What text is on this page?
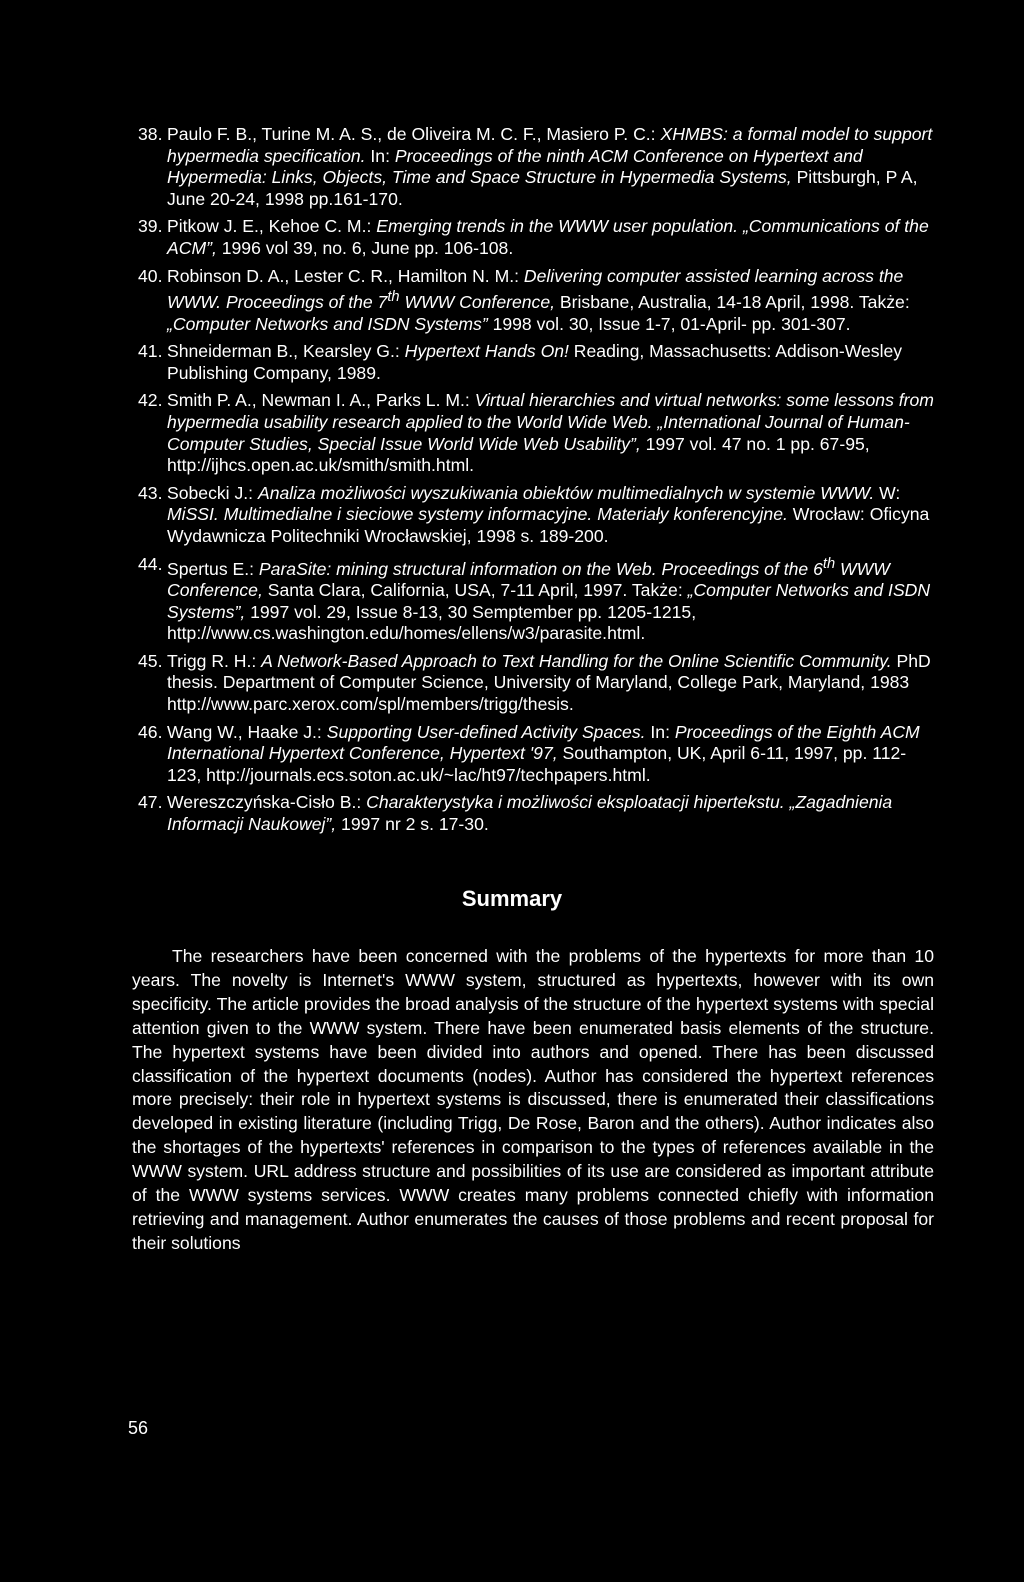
38. Paulo F. B., Turine M. A. S., de Oliveira M. C. F., Masiero P. C.: XHMBS: a formal model to support hypermedia specification. In: Proceedings of the ninth ACM Conference on Hypertext and Hypermedia: Links, Objects, Time and Space Structure in Hypermedia Systems, Pittsburgh, P A, June 20-24, 1998 pp.161-170.
39. Pitkow J. E., Kehoe C. M.: Emerging trends in the WWW user population. „Communications of the ACM”, 1996 vol 39, no. 6, June pp. 106-108.
40. Robinson D. A., Lester C. R., Hamilton N. M.: Delivering computer assisted learning across the WWW. Proceedings of the 7th WWW Conference, Brisbane, Australia, 14-18 April, 1998. Także: „Computer Networks and ISDN Systems” 1998 vol. 30, Issue 1-7, 01-April- pp. 301-307.
41. Shneiderman B., Kearsley G.: Hypertext Hands On! Reading, Massachusetts: Addison-Wesley Publishing Company, 1989.
42. Smith P. A., Newman I. A., Parks L. M.: Virtual hierarchies and virtual networks: some lessons from hypermedia usability research applied to the World Wide Web. „International Journal of Human-Computer Studies, Special Issue World Wide Web Usability”, 1997 vol. 47 no. 1 pp. 67-95, http://ijhcs.open.ac.uk/smith/smith.html.
43. Sobecki J.: Analiza możliwości wyszukiwania obiektów multimedialnych w systemie WWW. W: MiSSI. Multimedialne i sieciowe systemy informacyjne. Materiały konferencyjne. Wrocław: Oficyna Wydawnicza Politechniki Wrocławskiej, 1998 s. 189-200.
44. Spertus E.: ParaSite: mining structural information on the Web. Proceedings of the 6th WWW Conference, Santa Clara, California, USA, 7-11 April, 1997. Także: „Computer Networks and ISDN Systems”, 1997 vol. 29, Issue 8-13, 30 Semptember pp. 1205-1215, http://www.cs.washington.edu/homes/ellens/w3/parasite.html.
45. Trigg R. H.: A Network-Based Approach to Text Handling for the Online Scientific Community. PhD thesis. Department of Computer Science, University of Maryland, College Park, Maryland, 1983 http://www.parc.xerox.com/spl/members/trigg/thesis.
46. Wang W., Haake J.: Supporting User-defined Activity Spaces. In: Proceedings of the Eighth ACM International Hypertext Conference, Hypertext '97, Southampton, UK, April 6-11, 1997, pp. 112-123, http://journals.ecs.soton.ac.uk/~lac/ht97/techpapers.html.
47. Wereszczyńska-Cisło B.: Charakterystyka i możliwości eksploatacji hipertekstu. „Zagadnienia Informacji Naukowej”, 1997 nr 2 s. 17-30.
Summary

The researchers have been concerned with the problems of the hypertexts for more than 10 years. The novelty is Internet's WWW system, structured as hypertexts, however with its own specificity. The article provides the broad analysis of the structure of the hypertext systems with special attention given to the WWW system. There have been enumerated basis elements of the structure. The hypertext systems have been divided into authors and opened. There has been discussed classification of the hypertext documents (nodes). Author has considered the hypertext references more precisely: their role in hypertext systems is discussed, there is enumerated their classifications developed in existing literature (including Trigg, De Rose, Baron and the others). Author indicates also the shortages of the hypertexts' references in comparison to the types of references available in the WWW system. URL address structure and possibilities of its use are considered as important attribute of the WWW systems services. WWW creates many problems connected chiefly with information retrieving and management. Author enumerates the causes of those problems and recent proposal for their solutions

56
